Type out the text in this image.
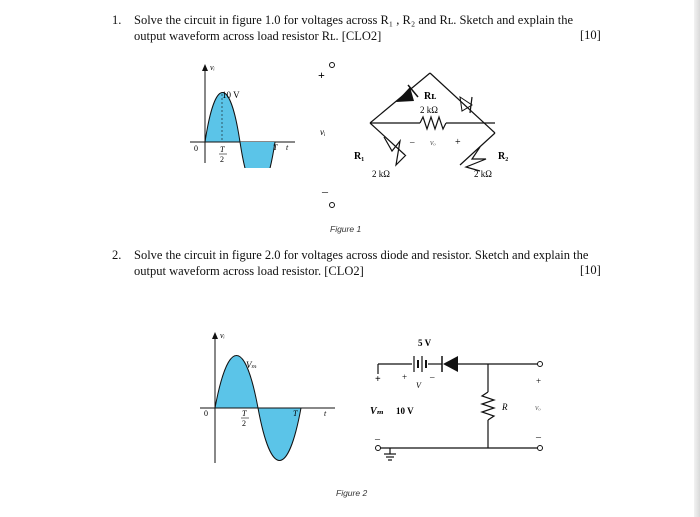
1. Solve the circuit in figure 1.0 for voltages across R₁ , R₂ and Rʟ. Sketch and explain the
output waveform across load resistor Rʟ. [CLO2]	[10]
vᵢ
10 V
0	T
2
T t
+
vᵢ
–
Rʟ
2 kΩ
– vₒ +
R₁
2 kΩ
R₂
2 kΩ
Figure 1
2. Solve the circuit in figure 2.0 for voltages across diode and resistor. Sketch and explain the
output waveform across load resistor. [CLO2]	[10]
vᵢ
Vₘ
0	T
2
T	t
5 V
+ +	–
V
Vₘ 10 V
–
R
+
vₒ
–
Figure 2
